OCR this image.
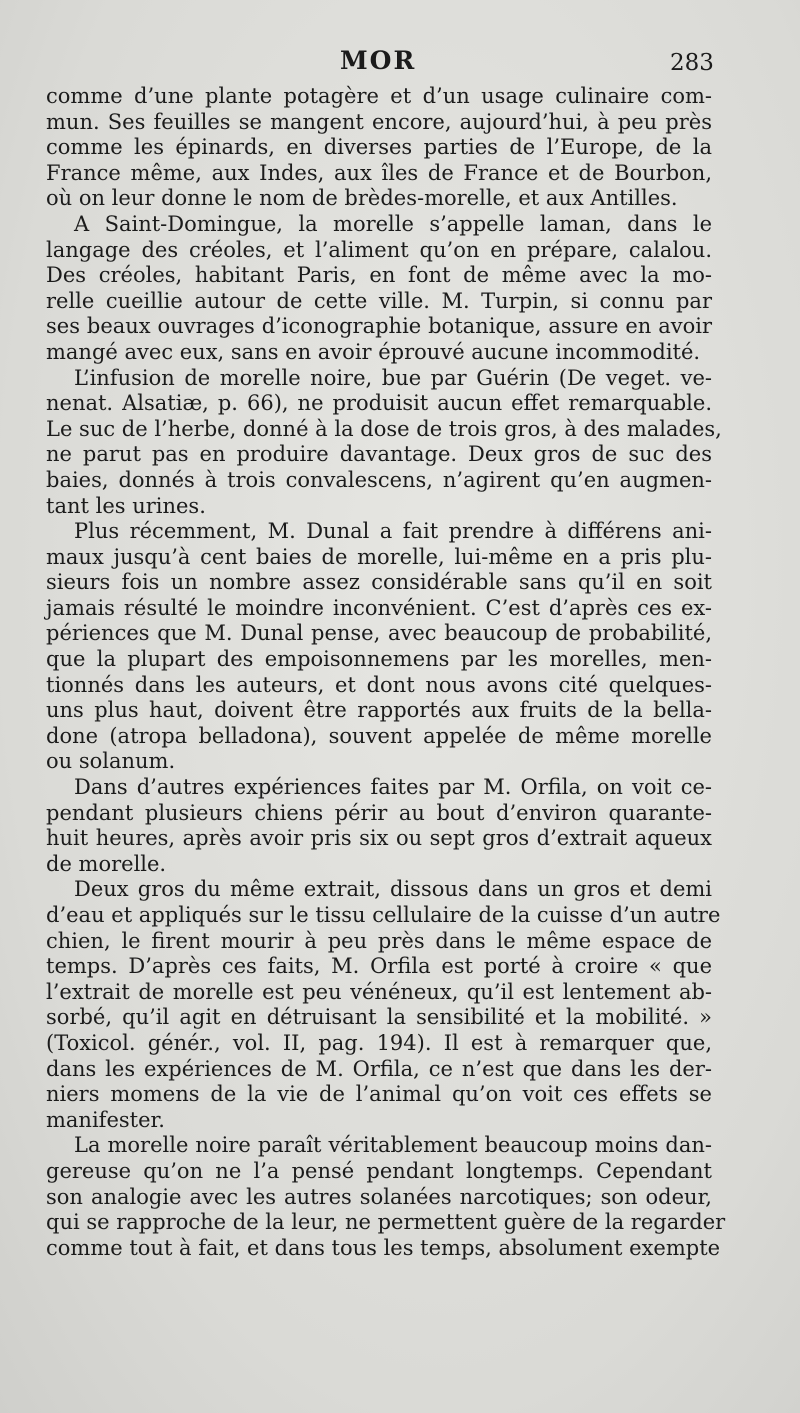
MOR	283
comme d’une plante potagère et d’un usage culinaire com-
mun. Ses feuilles se mangent encore, aujourd’hui, à peu près
comme les épinards, en diverses parties de l’Europe, de la
France même, aux Indes, aux îles de France et de Bourbon,
où on leur donne le nom de brèdes-morelle, et aux Antilles.
A Saint-Domingue, la morelle s’appelle laman, dans le
langage des créoles, et l’aliment qu’on en prépare, calalou.
Des créoles, habitant Paris, en font de même avec la mo-
relle cueillie autour de cette ville. M. Turpin, si connu par
ses beaux ouvrages d’iconographie botanique, assure en avoir
mangé avec eux, sans en avoir éprouvé aucune incommodité.
L’infusion de morelle noire, bue par Guérin (De veget. ve-
nenat. Alsatiæ, p. 66), ne produisit aucun effet remarquable.
Le suc de l’herbe, donné à la dose de trois gros, à des malades,
ne parut pas en produire davantage. Deux gros de suc des
baies, donnés à trois convalescens, n’agirent qu’en augmen-
tant les urines.
Plus récemment, M. Dunal a fait prendre à différens ani-
maux jusqu’à cent baies de morelle, lui-même en a pris plu-
sieurs fois un nombre assez considérable sans qu’il en soit
jamais résulté le moindre inconvénient. C’est d’après ces ex-
périences que M. Dunal pense, avec beaucoup de probabilité,
que la plupart des empoisonnemens par les morelles, men-
tionnés dans les auteurs, et dont nous avons cité quelques-
uns plus haut, doivent être rapportés aux fruits de la bella-
done (atropa belladona), souvent appelée de même morelle
ou solanum.
Dans d’autres expériences faites par M. Orfila, on voit ce-
pendant plusieurs chiens périr au bout d’environ quarante-
huit heures, après avoir pris six ou sept gros d’extrait aqueux
de morelle.
Deux gros du même extrait, dissous dans un gros et demi
d’eau et appliqués sur le tissu cellulaire de la cuisse d’un autre
chien, le firent mourir à peu près dans le même espace de
temps. D’après ces faits, M. Orfila est porté à croire « que
l’extrait de morelle est peu vénéneux, qu’il est lentement ab-
sorbé, qu’il agit en détruisant la sensibilité et la mobilité. »
(Toxicol. génér., vol. II, pag. 194). Il est à remarquer que,
dans les expériences de M. Orfila, ce n’est que dans les der-
niers momens de la vie de l’animal qu’on voit ces effets se
manifester.
La morelle noire paraît véritablement beaucoup moins dan-
gereuse qu’on ne l’a pensé pendant longtemps. Cependant
son analogie avec les autres solanées narcotiques; son odeur,
qui se rapproche de la leur, ne permettent guère de la regarder
comme tout à fait, et dans tous les temps, absolument exempte
